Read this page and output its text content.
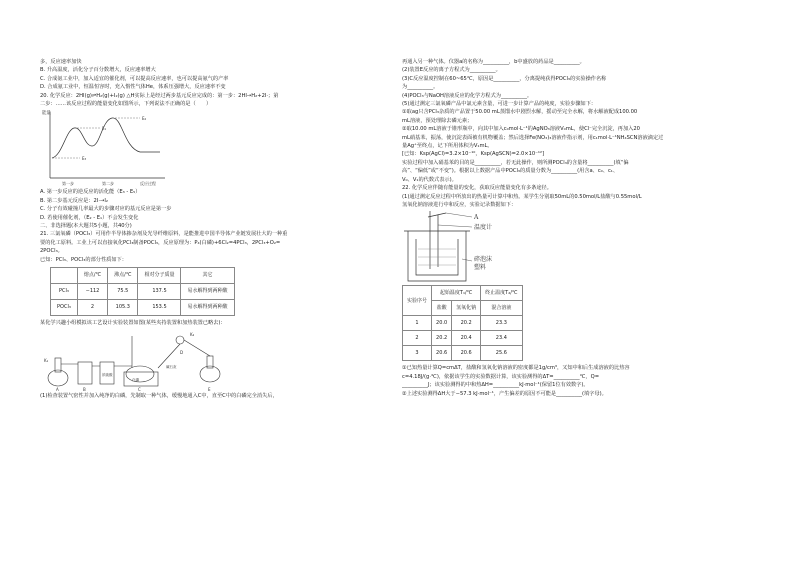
多，反应速率加快
B. 升高温度，活化分子百分数增大，反应速率增大
C. 合成氨工业中，加入适宜的催化剂，可以提高反应速率，也可以提高氨气的产率
D. 合成氨工业中，恒温恒容时，充入惰性气体He，体系压强增大，反应速率不变
20. 化学反应：2HI(g)⇌H₂(g)+I₂(g) △H实际上是经过两步基元反应完成的：第一步：2HI→H₂+2I·；第
二步：……该反应过程的能量变化如图所示，下列说法不正确的是（　　）
能量
E₁
E₂
E₃
第一步	第二步	反应过程
A. 第一步反应的逆反应的活化能（E₃ - E₅）
B. 第二步基元反应是：2I·→I₂
C. 分子有效碰撞几率最大的步骤对应的基元反应是第一步
D. 若使用催化剂，（E₂ - E₁）不会发生变化
二、非选择题(本大题共5小题，共40分)
21. 三氯氧磷（POCl₃）可用作半导体掺杂剂及光导纤维原料，是能推进中国半导体产业链发展壮大的一种重
要的化工原料。工业上可以直接氧化PCl₃制备POCl₃，反应原理为：P₄(白磷)+6Cl₂=4PCl₃，2PCl₃+O₂=
2POCl₃。
已知：PCl₃、POCl₃的部分性质如下：
	熔点/℃	沸点/℃	相对分子质量	其它
PCl₃	−112	75.5	137.5	易水解得到两种酸
POCl₃	2	105.3	153.5	易水解得到两种酸
某化学兴趣小组模拟该工艺设计实验装置如图(某些夹持装置和加热装置已略去)：
K₁
A	B	C
D
E
K₂
浓硫酸
白磷
碱石灰
(1)检查装置气密性并加入纯净的白磷，先制取一种气体，缓慢地通入C中，直至C中的白磷完全消失后，
再通入另一种气体。仪器a的名称为__________，b中盛放的药品是__________。
(2)装置E反应的离子方程式为__________。
(3)C反应温度控制在60~65℃，原因是__________，分离提纯获得POCl₃的实验操作名称
为__________。
(4)POCl₃与NaOH溶液反应的化学方程式为__________。
(5)通过测定三氯氧磷产品中氯元素含量，可进一步计算产品的纯度，实验步骤如下：
①取ag只含PCl₃杂质的产品置于50.00 mL蒸馏水中剧烈水解，摇动至完全水解，将水解液配成100.00
mL溶液，预处理除去磷元素；
②取10.00 mL溶液于锥形瓶中，向其中加入c₀mol·L⁻¹的AgNO₃溶液V₀mL，使Cl⁻完全沉淀，再加入20
mL硝基苯，振荡，使沉淀表面被有机物覆盖；然后选择Fe(NO₃)₃溶液作指示剂，用c₁mol·L⁻¹NH₄SCN溶液滴定过
量Ag⁺至终点，记下所用体积为V₁mL。
[已知：Ksp(AgCl)=3.2×10⁻¹⁰，Ksp(AgSCN)=2.0×10⁻¹²]
实验过程中加入硝基苯的目的是__________，若无此操作，则所测POCl₃的含量将__________(填“偏
高”、“偏低”或“不变”)。根据以上数据产品中POCl₃的质量分数为__________(用含a、c₀、c₁、
V₀、V₁的代数式表示)。
22. 化学反应伴随有能量的变化，获取反应能量变化有多条途径。
(1)通过测定反应过程中所放出的热量可计算中和热。某学生分别取50mL的0.50mol/L盐酸与0.55mol/L
氢氧化钠溶液进行中和反应，实验记录数据如下：
A
温度计
碎泡沫
塑料
实验序号	起始温度T₁/℃		终止温度T₂/℃
	盐酸	氢氧化钠	混合溶液
1	20.0	20.2	23.3
2	20.2	20.4	23.4
3	20.6	20.6	25.6
①已知热量计算Q=cmΔT，盐酸和氢氧化钠溶液的密度都是1g/cm³，又知中和后生成溶液的比热容
c=4.18J/(g·℃)，依据该学生的实验数据计算，该实验测得的ΔT=__________℃，Q=
__________J；该实验测得的中和热ΔH=__________kJ·mol⁻¹(保留1位有效数字)。
②上述实验测得ΔH大于−57.3 kJ·mol⁻¹，产生偏差的原因不可能是__________(填字母)。
